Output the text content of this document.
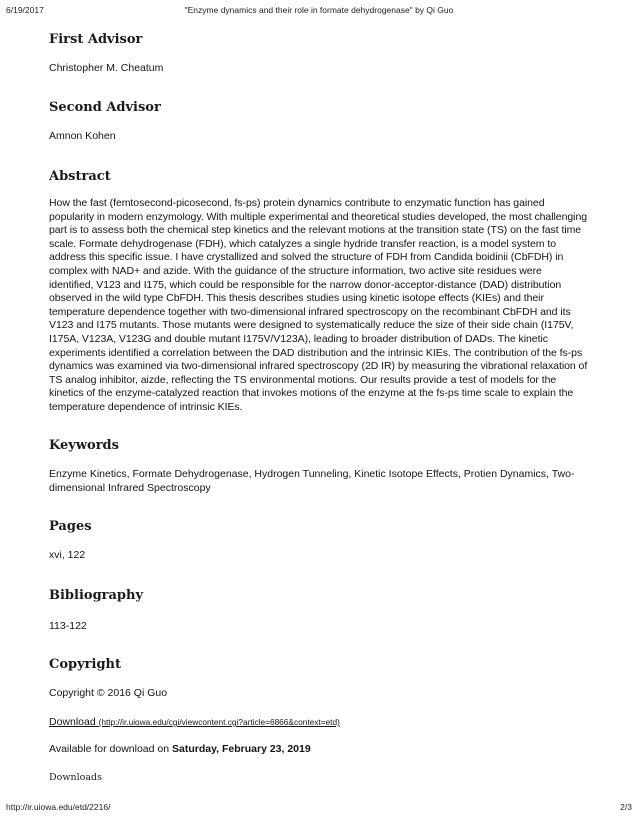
6/19/2017	"Enzyme dynamics and their role in formate dehydrogenase" by Qi Guo
First Advisor
Christopher M. Cheatum
Second Advisor
Amnon Kohen
Abstract
How the fast (femtosecond-picosecond, fs-ps) protein dynamics contribute to enzymatic function has gained popularity in modern enzymology. With multiple experimental and theoretical studies developed, the most challenging part is to assess both the chemical step kinetics and the relevant motions at the transition state (TS) on the fast time scale. Formate dehydrogenase (FDH), which catalyzes a single hydride transfer reaction, is a model system to address this specific issue. I have crystallized and solved the structure of FDH from Candida boidinii (CbFDH) in complex with NAD+ and azide. With the guidance of the structure information, two active site residues were identified, V123 and I175, which could be responsible for the narrow donor-acceptor-distance (DAD) distribution observed in the wild type CbFDH. This thesis describes studies using kinetic isotope effects (KIEs) and their temperature dependence together with two-dimensional infrared spectroscopy on the recombinant CbFDH and its V123 and I175 mutants. Those mutants were designed to systematically reduce the size of their side chain (I175V, I175A, V123A, V123G and double mutant I175V/V123A), leading to broader distribution of DADs. The kinetic experiments identified a correlation between the DAD distribution and the intrinsic KIEs. The contribution of the fs-ps dynamics was examined via two-dimensional infrared spectroscopy (2D IR) by measuring the vibrational relaxation of TS analog inhibitor, aizde, reflecting the TS environmental motions. Our results provide a test of models for the kinetics of the enzyme-catalyzed reaction that invokes motions of the enzyme at the fs-ps time scale to explain the temperature dependence of intrinsic KIEs.
Keywords
Enzyme Kinetics, Formate Dehydrogenase, Hydrogen Tunneling, Kinetic Isotope Effects, Protien Dynamics, Two-dimensional Infrared Spectroscopy
Pages
xvi, 122
Bibliography
113-122
Copyright
Copyright © 2016 Qi Guo
Download (http://ir.uiowa.edu/cgi/viewcontent.cgi?article=6866&context=etd)
Available for download on Saturday, February 23, 2019
Downloads
http://ir.uiowa.edu/etd/2216/	2/3
